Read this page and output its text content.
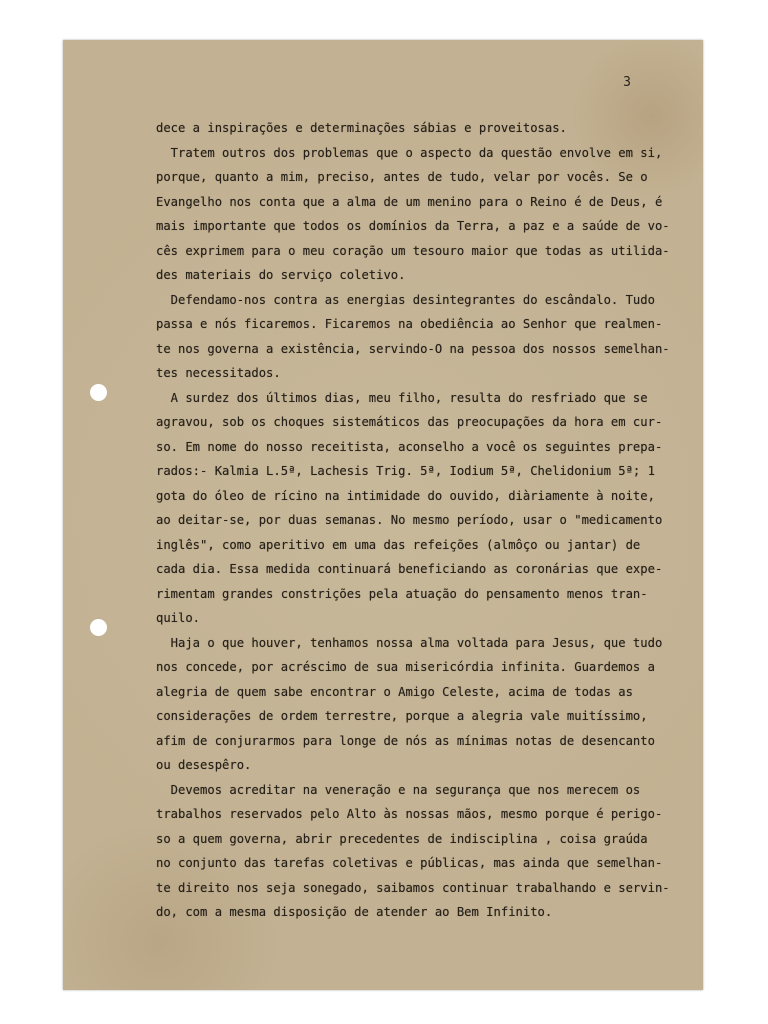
3
dece a inspirações e determinações sábias e proveitosas.
Tratem outros dos problemas que o aspecto da questão envolve em si,
porque, quanto a mim, preciso, antes de tudo, velar por vocês. Se o
Evangelho nos conta que a alma de um menino para o Reino é de Deus, é
mais importante que todos os domínios da Terra, a paz e a saúde de vo-
cês exprimem para o meu coração um tesouro maior que todas as utilida-
des materiais do serviço coletivo.
Defendamo-nos contra as energias desintegrantes do escândalo. Tudo
passa e nós ficaremos. Ficaremos na obediência ao Senhor que realmen-
te nos governa a existência, servindo-O na pessoa dos nossos semelhan-
tes necessitados.
A surdez dos últimos dias, meu filho, resulta do resfriado que se
agravou, sob os choques sistemáticos das preocupações da hora em cur-
so. Em nome do nosso receitista, aconselho a você os seguintes prepa-
rados:- Kalmia L.5ª, Lachesis Trig. 5ª, Iodium 5ª, Chelidonium 5ª; 1
gota do óleo de rícino na intimidade do ouvido, diàriamente à noite,
ao deitar-se, por duas semanas. No mesmo período, usar o "medicamento
inglês", como aperitivo em uma das refeições (almôço ou jantar) de
cada dia. Essa medida continuará beneficiando as coronárias que expe-
rimentam grandes constrições pela atuação do pensamento menos tran-
quilo.
Haja o que houver, tenhamos nossa alma voltada para Jesus, que tudo
nos concede, por acréscimo de sua misericórdia infinita. Guardemos a
alegria de quem sabe encontrar o Amigo Celeste, acima de todas as
considerações de ordem terrestre, porque a alegria vale muitíssimo,
afim de conjurarmos para longe de nós as mínimas notas de desencanto
ou desespêro.
Devemos acreditar na veneração e na segurança que nos merecem os
trabalhos reservados pelo Alto às nossas mãos, mesmo porque é perigo-
so a quem governa, abrir precedentes de indisciplina , coisa graúda
no conjunto das tarefas coletivas e públicas, mas ainda que semelhan-
te direito nos seja sonegado, saibamos continuar trabalhando e servin-
do, com a mesma disposição de atender ao Bem Infinito.
